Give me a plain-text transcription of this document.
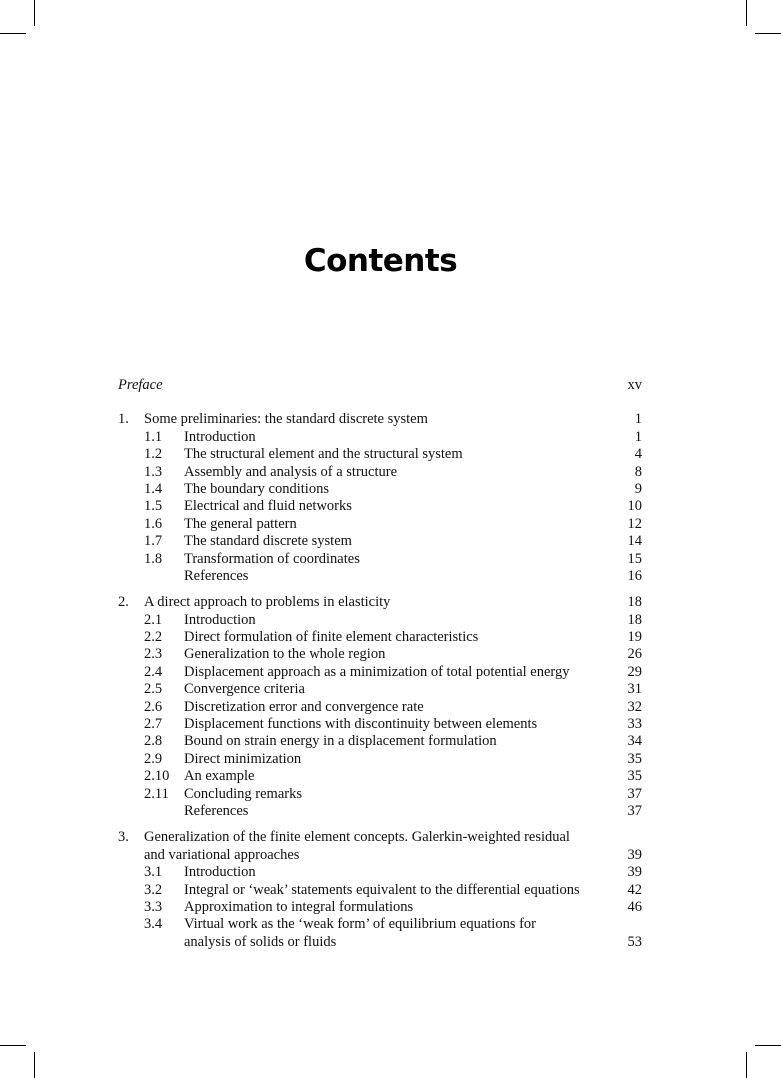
Contents
Preface	xv
1. Some preliminaries: the standard discrete system	1
1.1 Introduction	1
1.2 The structural element and the structural system	4
1.3 Assembly and analysis of a structure	8
1.4 The boundary conditions	9
1.5 Electrical and fluid networks	10
1.6 The general pattern	12
1.7 The standard discrete system	14
1.8 Transformation of coordinates	15
References	16
2. A direct approach to problems in elasticity	18
2.1 Introduction	18
2.2 Direct formulation of finite element characteristics	19
2.3 Generalization to the whole region	26
2.4 Displacement approach as a minimization of total potential energy	29
2.5 Convergence criteria	31
2.6 Discretization error and convergence rate	32
2.7 Displacement functions with discontinuity between elements	33
2.8 Bound on strain energy in a displacement formulation	34
2.9 Direct minimization	35
2.10 An example	35
2.11 Concluding remarks	37
References	37
3. Generalization of the finite element concepts. Galerkin-weighted residual
and variational approaches	39
3.1 Introduction	39
3.2 Integral or ‘weak’ statements equivalent to the differential equations	42
3.3 Approximation to integral formulations	46
3.4 Virtual work as the ‘weak form’ of equilibrium equations for
analysis of solids or fluids	53
